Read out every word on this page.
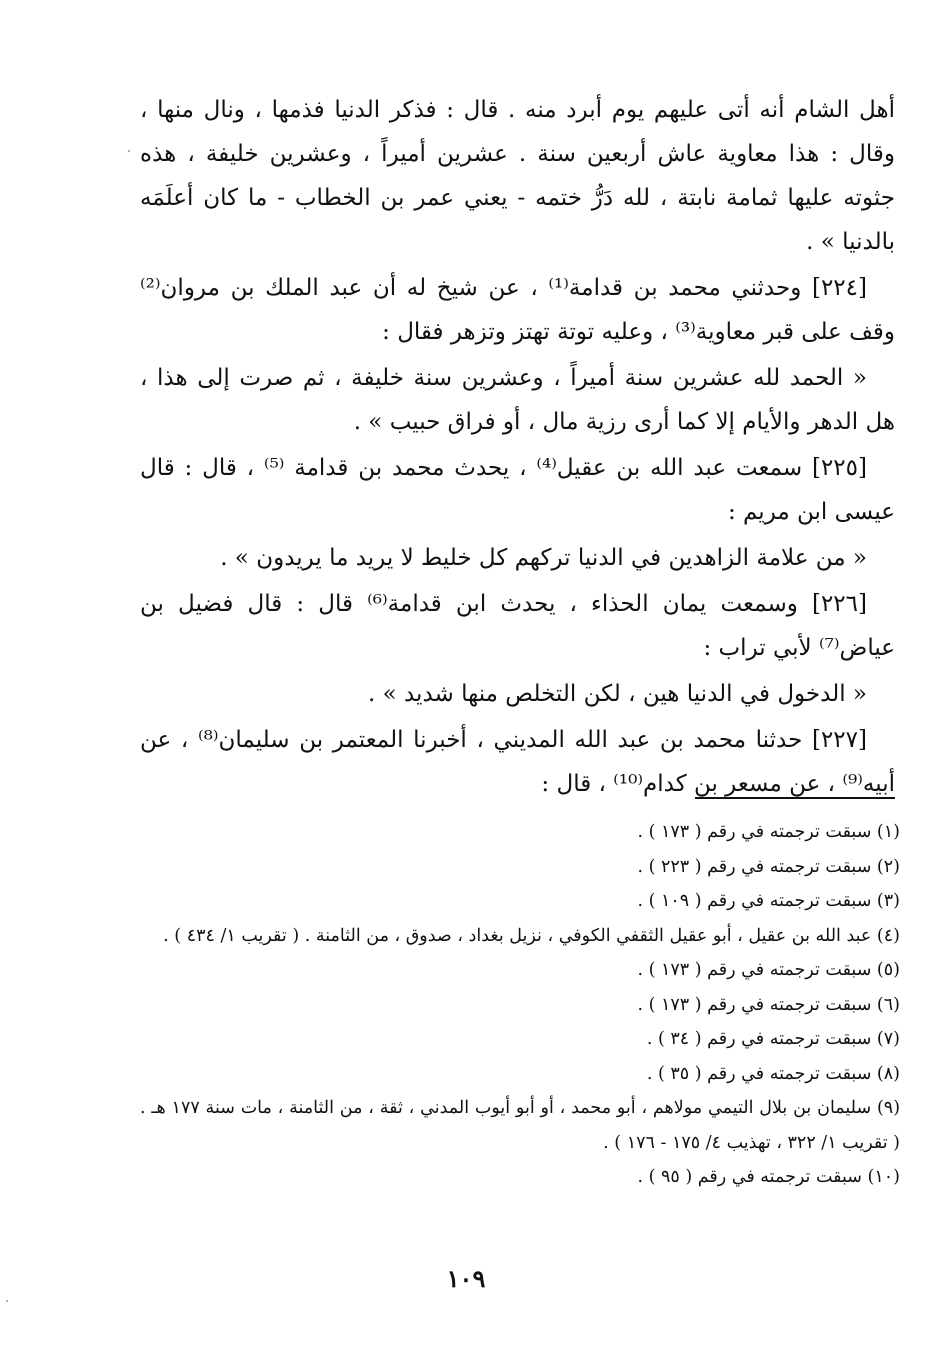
أهل الشام أنه أتى عليهم يوم أبرد منه . قال : فذكر الدنيا فذمها ، ونال منها ، وقال : هذا معاوية عاش أربعين سنة . عشرين أميراً ، وعشرين خليفة ، هذه جثوته عليها ثمامة نابتة ، لله دَرُّ ختمه - يعني عمر بن الخطاب - ما كان أعلَمَه بالدنيا » .

[٢٢٤] وحدثني محمد بن قدامة⁽¹⁾ ، عن شيخ له أن عبد الملك بن مروان⁽²⁾ وقف على قبر معاوية⁽³⁾ ، وعليه توتة تهتز وتزهر فقال :

« الحمد لله عشرين سنة أميراً ، وعشرين سنة خليفة ، ثم صرت إلى هذا ، هل الدهر والأيام إلا كما أرى رزية مال ، أو فراق حبيب » .

[٢٢٥] سمعت عبد الله بن عقيل⁽⁴⁾ ، يحدث محمد بن قدامة ⁽⁵⁾ ، قال : قال عيسى ابن مريم :

« من علامة الزاهدين في الدنيا تركهم كل خليط لا يريد ما يريدون » .

[٢٢٦] وسمعت يمان الحذاء ، يحدث ابن قدامة⁽⁶⁾ قال : قال فضيل بن عياض⁽⁷⁾ لأبي تراب :

« الدخول في الدنيا هين ، لكن التخلص منها شديد » .

[٢٢٧] حدثنا محمد بن عبد الله المديني ، أخبرنا المعتمر بن سليمان⁽⁸⁾ ، عن أبيه⁽⁹⁾ ، عن مسعر بن كدام⁽¹⁰⁾ ، قال :

(١) سبقت ترجمته في رقم ( ١٧٣ ) .
(٢) سبقت ترجمته في رقم ( ٢٢٣ ) .
(٣) سبقت ترجمته في رقم ( ١٠٩ ) .
(٤) عبد الله بن عقيل ، أبو عقيل الثقفي الكوفي ، نزيل بغداد ، صدوق ، من الثامنة . ( تقريب ١/ ٤٣٤ ) .
(٥) سبقت ترجمته في رقم ( ١٧٣ ) .
(٦) سبقت ترجمته في رقم ( ١٧٣ ) .
(٧) سبقت ترجمته في رقم ( ٣٤ ) .
(٨) سبقت ترجمته في رقم ( ٣٥ ) .
(٩) سليمان بن بلال التيمي مولاهم ، أبو محمد ، أو أبو أيوب المدني ، ثقة ، من الثامنة ، مات سنة ١٧٧ هـ . ( تقريب ١/ ٣٢٢ ، تهذيب ٤/ ١٧٥ - ١٧٦ ) .
(١٠) سبقت ترجمته في رقم ( ٩٥ ) .
١٠٩
